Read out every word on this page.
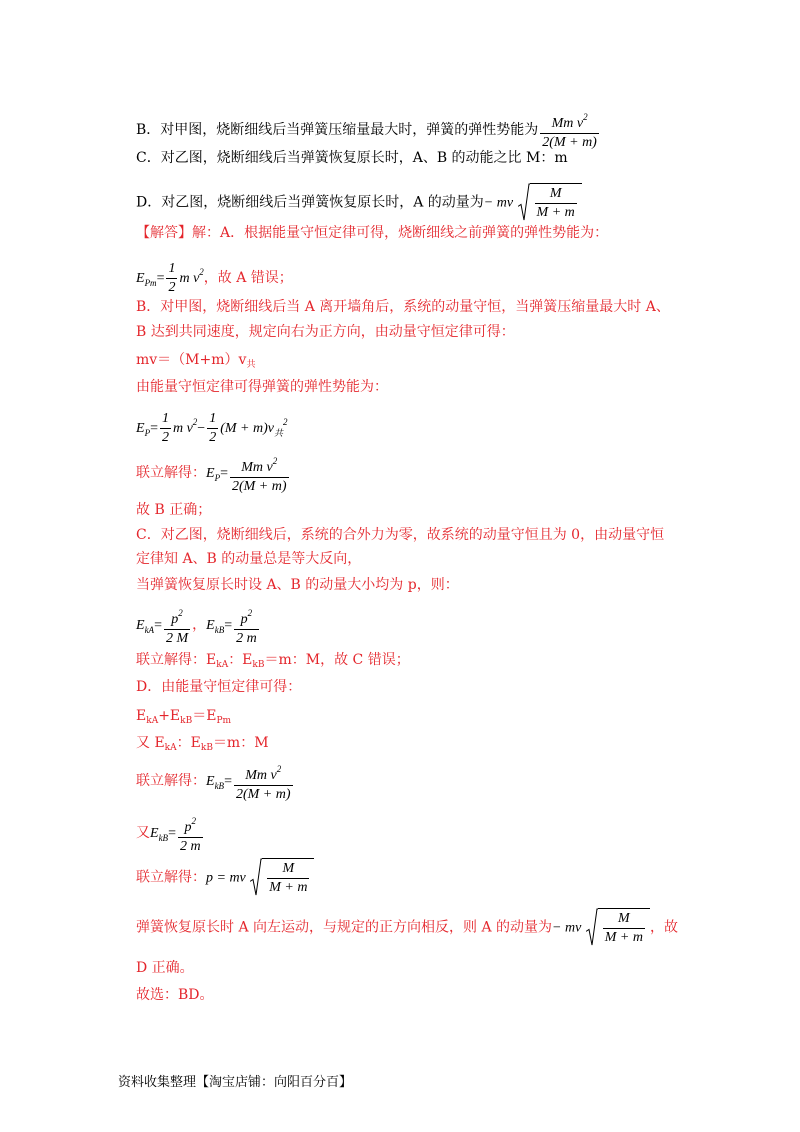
B．对甲图，烧断细线后当弹簧压缩量最大时，弹簧的弹性势能为 $\frac{Mm v^2}{2(M + m)}$
C．对乙图，烧断细线后当弹簧恢复原长时，A、B 的动能之比 M：m
D．对乙图，烧断细线后当弹簧恢复原长时，A 的动量为− mv $\frac{M}{M + m}$
【解答】解：A．根据能量守恒定律可得，烧断细线之前弹簧的弹性势能为：
$E_{Pm}= \frac{1}{2}$ m $v^2$，故 A 错误；
B．对甲图，烧断细线后当 A 离开墙角后，系统的动量守恒，当弹簧压缩量最大时 A、
B 达到共同速度，规定向右为正方向，由动量守恒定律可得：
$mv=(M+m)v_共$
由能量守恒定律可得弹簧的弹性势能为：
$E_P= \frac{1}{2}$ m $v^2- \frac{1}{2} (M + m)v_共^2$
联立解得：$E_P= \frac{Mm v^2}{2(M + m)}$
故 B 正确；
C．对乙图，烧断细线后，系统的合外力为零，故系统的动量守恒且为 0，由动量守恒
定律知 A、B 的动量总是等大反向，
当弹簧恢复原长时设 A、B 的动量大小均为 p，则：
$E_{kA}= \frac{p^2}{2 M}$ ，$E_{kB}= \frac{p^2}{2 m}$
联立解得：$E_{kA}$：$E_{kB}=m$：M，故 C 错误；
D．由能量守恒定律可得：
$E_{kA}+E_{kB}=E_{Pm}$
又 $E_{kA}$：$E_{kB}=m$：M
联立解得：$E_{kB}= \frac{Mm v^2}{2(M + m)}$
又$E_{kB}= \frac{p^2}{2 m}$
联立解得：p = mv $\frac{M}{M + m}$
弹簧恢复原长时 A 向左运动，与规定的正方向相反，则 A 的动量为− mv $\frac{M}{M + m}$ ，故
D 正确。
故选：BD。
资料收集整理【淘宝店铺：向阳百分百】
